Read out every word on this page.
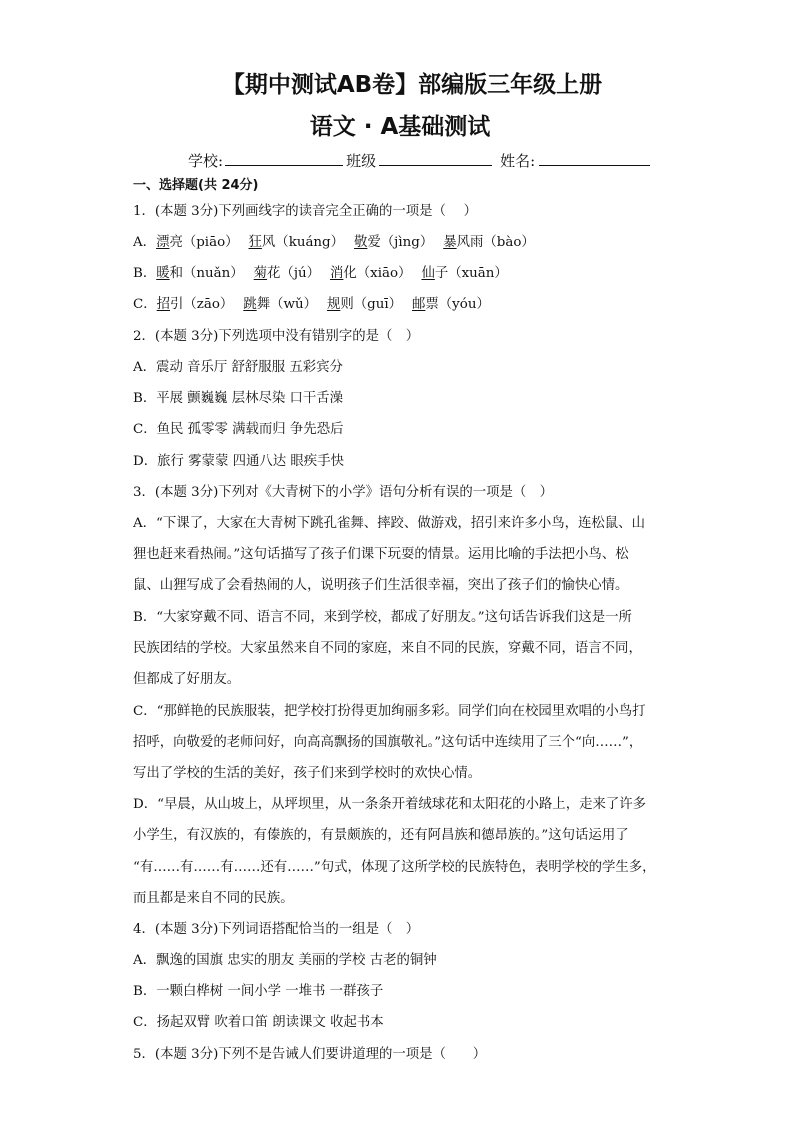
【期中测试AB卷】部编版三年级上册
语文 · A基础测试
学校:	班级	姓名:
一、选择题(共 24分)
1．(本题 3分)下列画线字的读音完全正确的一项是（　 ）
A．漂亮（piāo） 狂风（kuáng） 敬爱（jìng） 暴风雨（bào）
B．暖和（nuǎn） 菊花（jú） 消化（xiāo） 仙子（xuān）
C．招引（zāo） 跳舞（wǔ） 规则（guī） 邮票（yóu）
2．(本题 3分)下列选项中没有错别字的是（　）
A．震动 音乐厅 舒舒服服 五彩宾分
B．平展 颤巍巍 层林尽染 口干舌澡
C．鱼民 孤零零 满载而归 争先恐后
D．旅行 雾蒙蒙 四通八达 眼疾手快
3．(本题 3分)下列对《大青树下的小学》语句分析有误的一项是（　）
A．“下课了，大家在大青树下跳孔雀舞、摔跤、做游戏，招引来许多小鸟，连松鼠、山
狸也赶来看热闹。”这句话描写了孩子们课下玩耍的情景。运用比喻的手法把小鸟、松
鼠、山狸写成了会看热闹的人，说明孩子们生活很幸福，突出了孩子们的愉快心情。
B．“大家穿戴不同、语言不同，来到学校，都成了好朋友。”这句话告诉我们这是一所
民族团结的学校。大家虽然来自不同的家庭，来自不同的民族，穿戴不同，语言不同，
但都成了好朋友。
C．“那鲜艳的民族服装，把学校打扮得更加绚丽多彩。同学们向在校园里欢唱的小鸟打
招呼，向敬爱的老师问好，向高高飘扬的国旗敬礼。”这句话中连续用了三个“向……”，
写出了学校的生活的美好，孩子们来到学校时的欢快心情。
D．“早晨，从山坡上，从坪坝里，从一条条开着绒球花和太阳花的小路上，走来了许多
小学生，有汉族的，有傣族的，有景颇族的，还有阿昌族和德昂族的。”这句话运用了
“有……有……有……还有……”句式，体现了这所学校的民族特色，表明学校的学生多，
而且都是来自不同的民族。
4．(本题 3分)下列词语搭配恰当的一组是（　）
A．飘逸的国旗 忠实的朋友 美丽的学校 古老的铜钟
B．一颗白桦树 一间小学 一堆书 一群孩子
C．扬起双臂 吹着口笛 朗读课文 收起书本
5．(本题 3分)下列不是告诫人们要讲道理的一项是（　　）
